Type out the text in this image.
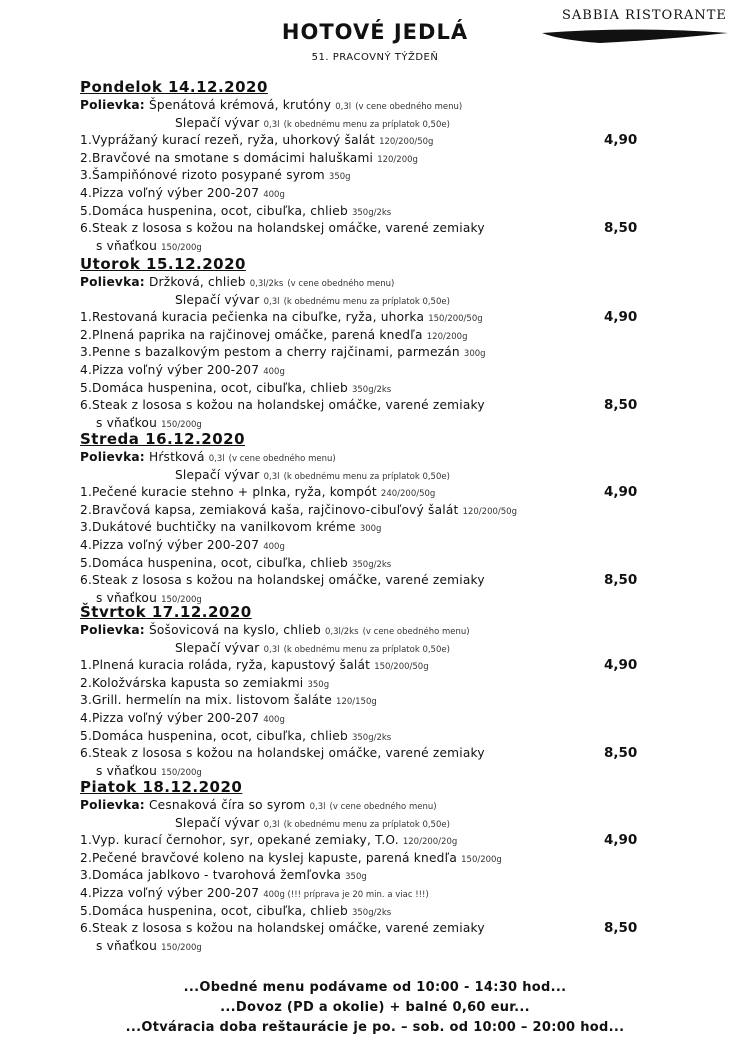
HOTOVÉ JEDLÁ
51. PRACOVNÝ TÝŽDEŇ
SABBIA RISTORANTE
Pondelok 14.12.2020
Polievka: Špenátová krémová, krutóny 0,3l (v cene obedného menu)
Slepačí vývar 0,3l (k obednému menu za príplatok 0,50e)
1.Vyprážaný kurací rezeň, ryža, uhorkový šalát 120/200/50g	4,90
2.Bravčové na smotane s domácimi haluškami 120/200g
3.Šampiňónové rizoto posypané syrom 350g
4.Pizza voľný výber 200-207 400g
5.Domáca huspenina, ocot, cibuľka, chlieb 350g/2ks
6.Steak z lososa s kožou na holandskej omáčke, varené zemiaky	8,50
s vňaťkou 150/200g
Utorok 15.12.2020
Polievka: Držková, chlieb 0,3l/2ks (v cene obedného menu)
Slepačí vývar 0,3l (k obednému menu za príplatok 0,50e)
1.Restovaná kuracia pečienka na cibuľke, ryža, uhorka 150/200/50g	4,90
2.Plnená paprika na rajčinovej omáčke, parená knedľa 120/200g
3.Penne s bazalkovým pestom a cherry rajčinami, parmezán 300g
4.Pizza voľný výber 200-207 400g
5.Domáca huspenina, ocot, cibuľka, chlieb 350g/2ks
6.Steak z lososa s kožou na holandskej omáčke, varené zemiaky	8,50
s vňaťkou 150/200g
Streda 16.12.2020
Polievka: Hŕstková 0,3l (v cene obedného menu)
Slepačí vývar 0,3l (k obednému menu za príplatok 0,50e)
1.Pečené kuracie stehno + plnka, ryža, kompót 240/200/50g	4,90
2.Bravčová kapsa, zemiaková kaša, rajčinovo-cibuľový šalát 120/200/50g
3.Dukátové buchtičky na vanilkovom kréme 300g
4.Pizza voľný výber 200-207 400g
5.Domáca huspenina, ocot, cibuľka, chlieb 350g/2ks
6.Steak z lososa s kožou na holandskej omáčke, varené zemiaky	8,50
s vňaťkou 150/200g
Štvrtok 17.12.2020
Polievka: Šošovicová na kyslo, chlieb 0,3l/2ks (v cene obedného menu)
Slepačí vývar 0,3l (k obednému menu za príplatok 0,50e)
1.Plnená kuracia roláda, ryža, kapustový šalát 150/200/50g	4,90
2.Koložvárska kapusta so zemiakmi 350g
3.Grill. hermelín na mix. listovom šaláte 120/150g
4.Pizza voľný výber 200-207 400g
5.Domáca huspenina, ocot, cibuľka, chlieb 350g/2ks
6.Steak z lososa s kožou na holandskej omáčke, varené zemiaky	8,50
s vňaťkou 150/200g
Piatok 18.12.2020
Polievka: Cesnaková číra so syrom 0,3l (v cene obedného menu)
Slepačí vývar 0,3l (k obednému menu za príplatok 0,50e)
1.Vyp. kurací černohor, syr, opekané zemiaky, T.O. 120/200/20g	4,90
2.Pečené bravčové koleno na kyslej kapuste, parená knedľa 150/200g
3.Domáca jablkovo - tvarohová žemľovka 350g
4.Pizza voľný výber 200-207 400g (!!! príprava je 20 min. a viac !!!)
5.Domáca huspenina, ocot, cibuľka, chlieb 350g/2ks
6.Steak z lososa s kožou na holandskej omáčke, varené zemiaky	8,50
s vňaťkou 150/200g
...Obedné menu podávame od 10:00 - 14:30 hod...
...Dovoz (PD a okolie) + balné 0,60 eur...
...Otváracia doba reštaurácie je po. – sob. od 10:00 – 20:00 hod...
